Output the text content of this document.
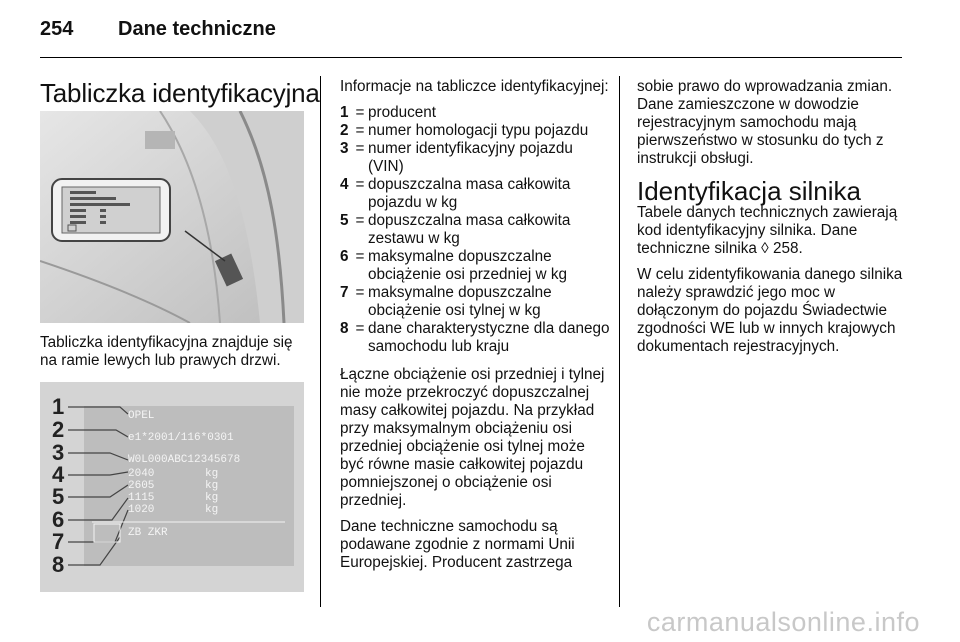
254 Dane techniczne
Tabliczka identyfikacyjna
Tabliczka identyfikacyjna znajduje się na ramie lewych lub prawych drzwi.
1
2
3
4
5
6
7
8
OPEL
e1*2001/116*0301
W0L000ABC12345678
2040
2605
1115
1020
kg
kg
kg
kg
ZB ZKR

Informacje na tabliczce identyfikacyjnej:

1 = producent
2 = numer homologacji typu pojazdu
3 = numer identyfikacyjny pojazdu (VIN)
4 = dopuszczalna masa całkowita pojazdu w kg
5 = dopuszczalna masa całkowita zestawu w kg
6 = maksymalne dopuszczalne obciążenie osi przedniej w kg
7 = maksymalne dopuszczalne obciążenie osi tylnej w kg
8 = dane charakterystyczne dla danego samochodu lub kraju

Łączne obciążenie osi przedniej i tylnej nie może przekroczyć dopuszczalnej masy całkowitej pojazdu. Na przykład przy maksymalnym obciążeniu osi przedniej obciążenie osi tylnej może być równe masie całkowitej pojazdu pomniejszonej o obciążenie osi przedniej.

Dane techniczne samochodu są podawane zgodnie z normami Unii Europejskiej. Producent zastrzega

sobie prawo do wprowadzania zmian. Dane zamieszczone w dowodzie rejestracyjnym samochodu mają pierwszeństwo w stosunku do tych z instrukcji obsługi.

Identyfikacja silnika

Tabele danych technicznych zawierają kod identyfikacyjny silnika. Dane techniczne silnika ◊ 258.

W celu zidentyfikowania danego silnika należy sprawdzić jego moc w dołączonym do pojazdu Świadectwie zgodności WE lub w innych krajowych dokumentach rejestracyjnych.

carmanualsonline.info
